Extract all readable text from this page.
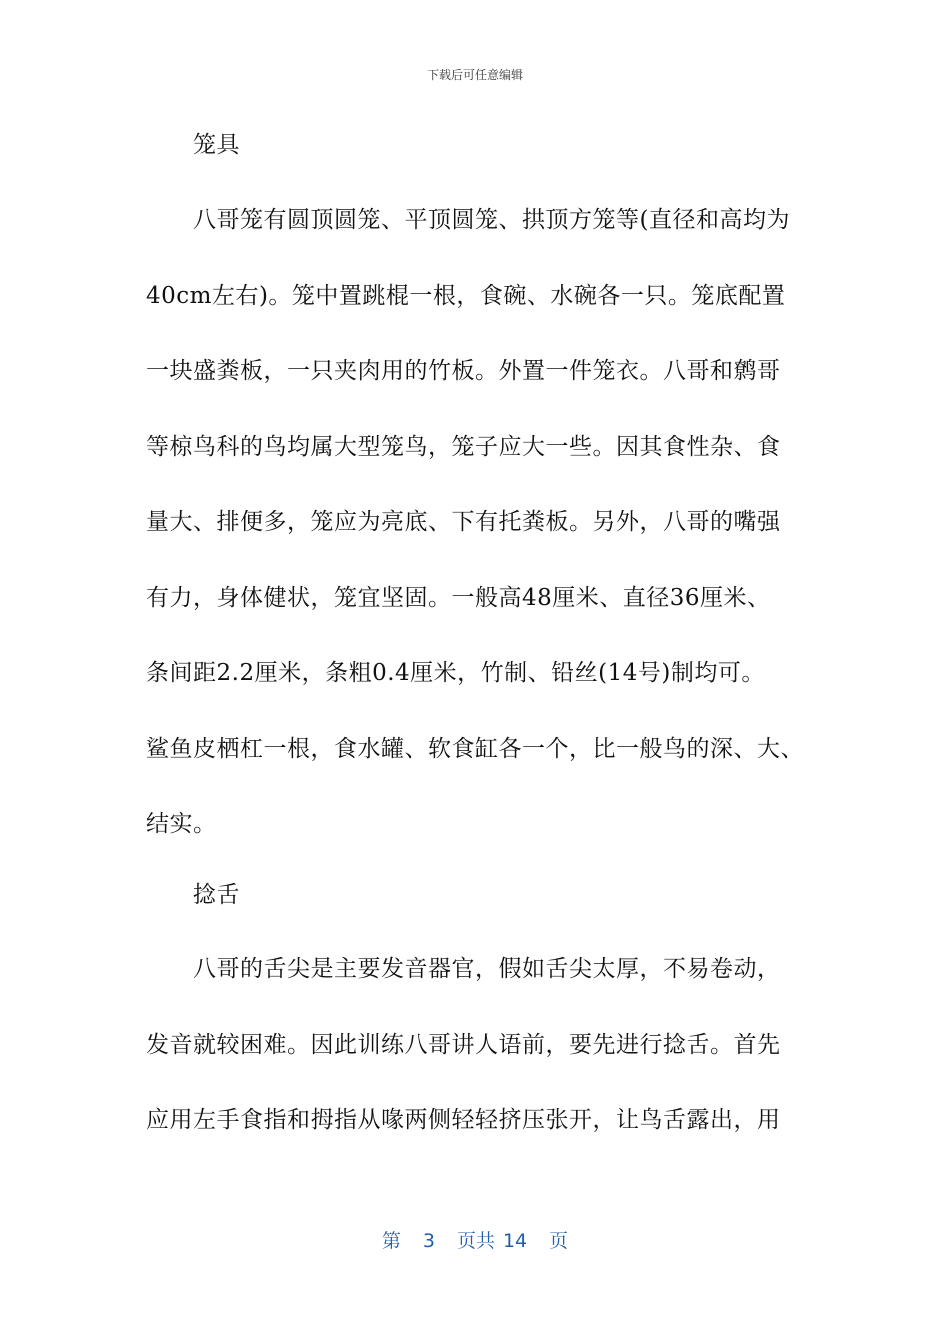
下载后可任意编辑
笼具
八哥笼有圆顶圆笼、平顶圆笼、拱顶方笼等(直径和高均为
40cm左右)。笼中置跳棍一根，食碗、水碗各一只。笼底配置
一块盛粪板，一只夹肉用的竹板。外置一件笼衣。八哥和鹩哥
等椋鸟科的鸟均属大型笼鸟，笼子应大一些。因其食性杂、食
量大、排便多，笼应为亮底、下有托粪板。另外，八哥的嘴强
有力，身体健状，笼宜坚固。一般高48厘米、直径36厘米、
条间距2.2厘米，条粗0.4厘米，竹制、铅丝(14号)制均可。
鲨鱼皮栖杠一根，食水罐、软食缸各一个，比一般鸟的深、大、
结实。
捻舌
八哥的舌尖是主要发音器官，假如舌尖太厚，不易卷动，
发音就较困难。因此训练八哥讲人语前，要先进行捻舌。首先
应用左手食指和拇指从喙两侧轻轻挤压张开，让鸟舌露出，用
第 3 页共 14 页
